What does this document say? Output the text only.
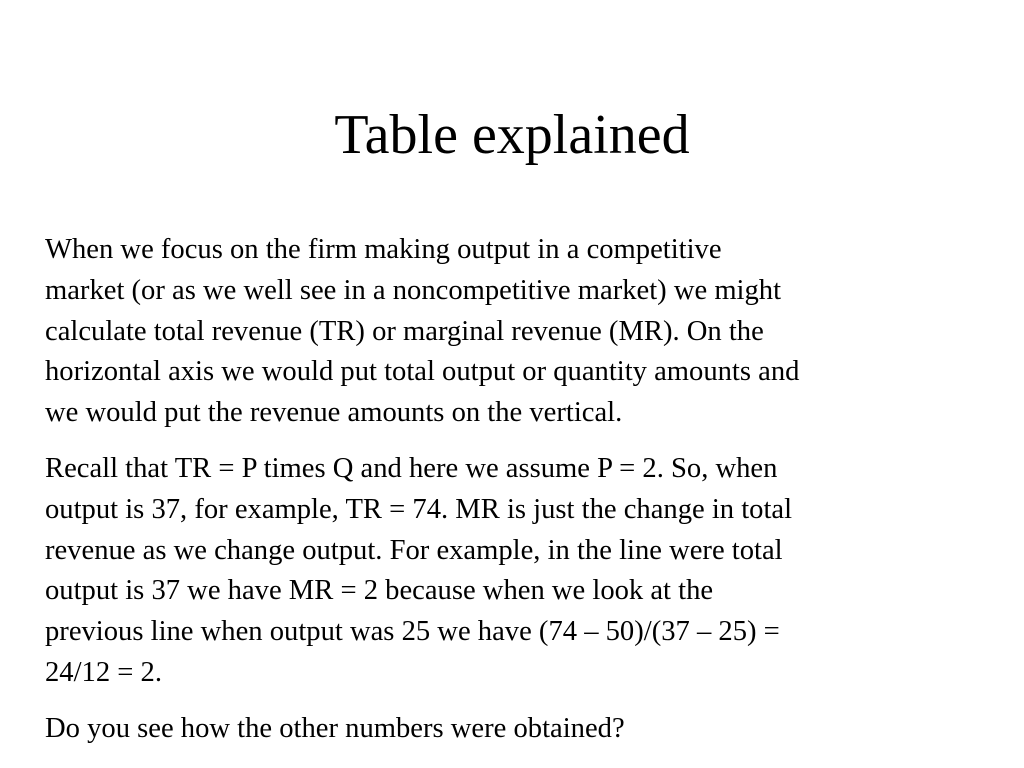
Table explained

When we focus on the firm making output in a competitive
market (or as we well see in a noncompetitive market) we might
calculate total revenue (TR) or marginal revenue (MR). On the
horizontal axis we would put total output or quantity amounts and
we would put the revenue amounts on the vertical.

Recall that TR = P times Q and here we assume P = 2. So, when
output is 37, for example, TR = 74. MR is just the change in total
revenue as we change output. For example, in the line were total
output is 37 we have MR = 2 because when we look at the
previous line when output was 25 we have (74 – 50)/(37 – 25) =
24/12 = 2.

Do you see how the other numbers were obtained?
